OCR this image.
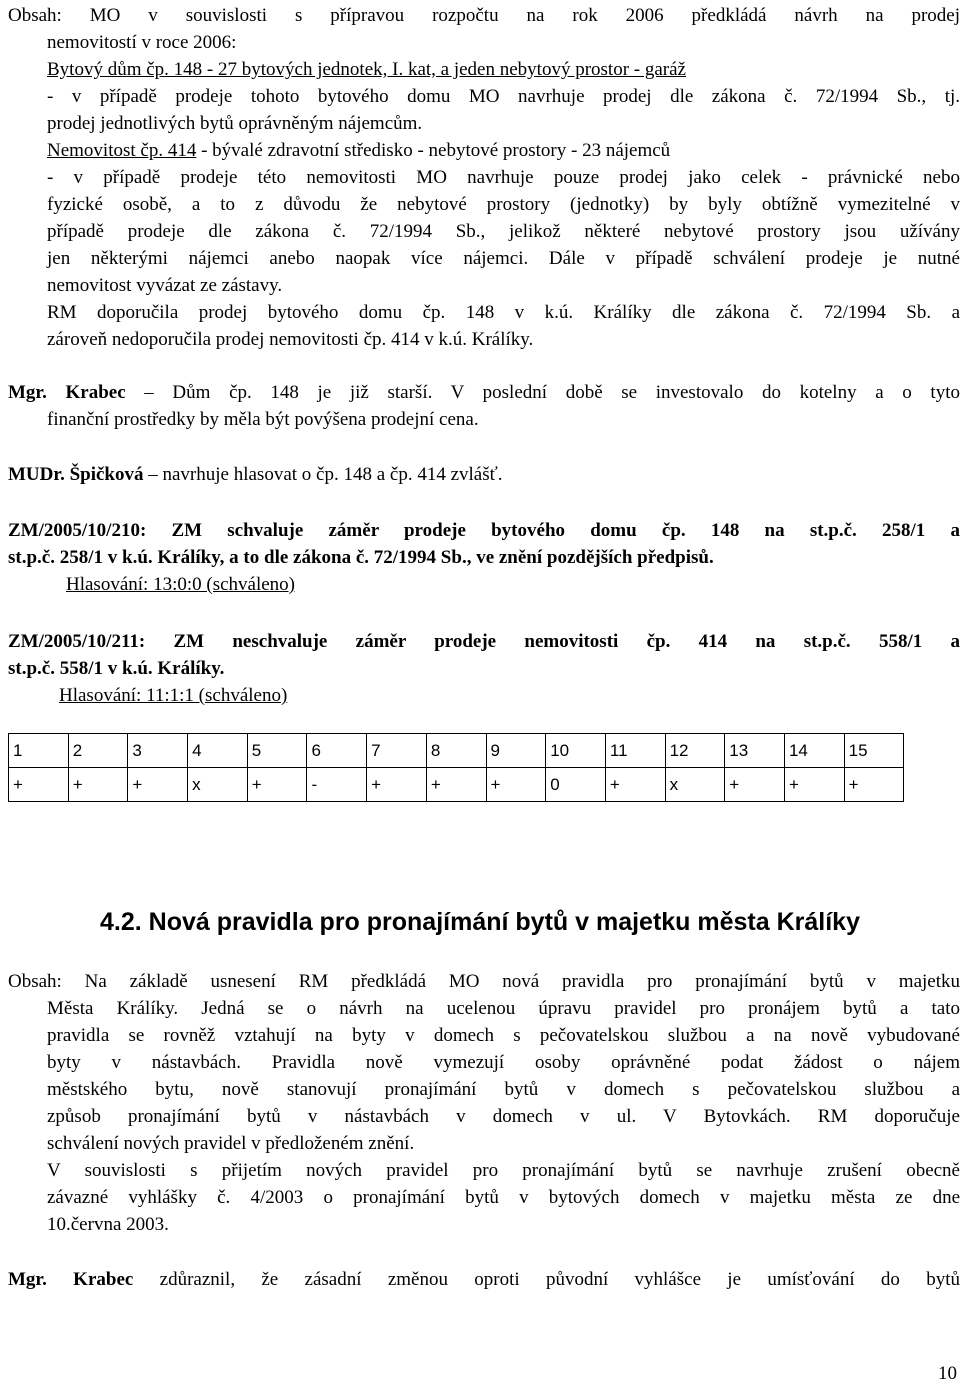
Obsah: MO v souvislosti s přípravou rozpočtu na rok 2006 předkládá návrh na prodej
nemovitostí v roce 2006:
Bytový dům čp. 148 - 27 bytových jednotek, I. kat, a jeden nebytový prostor - garáž
- v případě prodeje tohoto bytového domu MO navrhuje prodej dle zákona č. 72/1994 Sb., tj.
prodej jednotlivých bytů oprávněným nájemcům.
Nemovitost čp. 414 - bývalé zdravotní středisko - nebytové prostory - 23 nájemců
- v případě prodeje této nemovitosti MO navrhuje pouze prodej jako celek - právnické nebo
fyzické osobě, a to z důvodu že nebytové prostory (jednotky) by byly obtížně vymezitelné v
případě prodeje dle zákona č. 72/1994 Sb., jelikož některé nebytové prostory jsou užívány
jen některými nájemci anebo naopak více nájemci. Dále v případě schválení prodeje je nutné
nemovitost vyvázat ze zástavy.
RM doporučila prodej bytového domu čp. 148 v k.ú. Králíky dle zákona č. 72/1994 Sb. a
zároveň nedoporučila prodej nemovitosti čp. 414 v k.ú. Králíky.
Mgr. Krabec – Dům čp. 148 je již starší. V poslední době se investovalo do kotelny a o tyto
finanční prostředky by měla být povýšena prodejní cena.
MUDr. Špičková – navrhuje hlasovat o čp. 148 a čp. 414 zvlášť.
ZM/2005/10/210: ZM schvaluje záměr prodeje bytového domu čp. 148 na st.p.č. 258/1 a
st.p.č. 258/1 v k.ú. Králíky, a to dle zákona č. 72/1994 Sb., ve znění pozdějších předpisů.
Hlasování: 13:0:0 (schváleno)
ZM/2005/10/211: ZM neschvaluje záměr prodeje nemovitosti čp. 414 na st.p.č. 558/1 a
st.p.č. 558/1 v k.ú. Králíky.
Hlasování: 11:1:1 (schváleno)
1	2	3	4	5	6	7	8	9	10	11	12	13	14	15
+	+	+	x	+	-	+	+	+	0	+	x	+	+	+
4.2. Nová pravidla pro pronajímání bytů v majetku města Králíky
Obsah: Na základě usnesení RM předkládá MO nová pravidla pro pronajímání bytů v majetku
Města Králíky. Jedná se o návrh na ucelenou úpravu pravidel pro pronájem bytů a tato
pravidla se rovněž vztahují na byty v domech s pečovatelskou službou a na nově vybudované
byty v nástavbách. Pravidla nově vymezují osoby oprávněné podat žádost o nájem
městského bytu, nově stanovují pronajímání bytů v domech s pečovatelskou službou a
způsob pronajímání bytů v nástavbách v domech v ul. V Bytovkách. RM doporučuje
schválení nových pravidel v předloženém znění.
V souvislosti s přijetím nových pravidel pro pronajímání bytů se navrhuje zrušení obecně
závazné vyhlášky č. 4/2003 o pronajímání bytů v bytových domech v majetku města ze dne
10.června 2003.
Mgr. Krabec zdůraznil, že zásadní změnou oproti původní vyhlášce je umísťování do bytů
10
